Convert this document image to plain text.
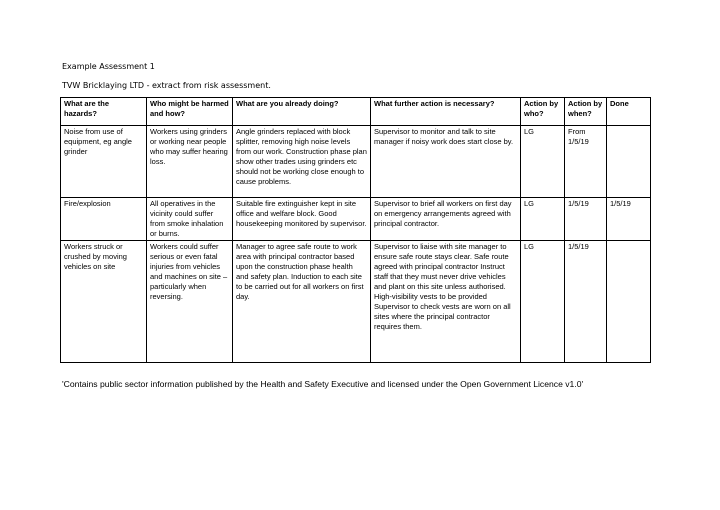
Example Assessment 1
TVW Bricklaying LTD - extract from risk assessment.
What are the hazards?	Who might be harmed and how?	What are you already doing?	What further action is necessary?	Action by who?	Action by when?	Done
Noise from use of equipment, eg angle grinder	Workers using grinders or working near people who may suffer hearing loss.	Angle grinders replaced with block splitter, removing high noise levels from our work. Construction phase plan show other trades using grinders etc should not be working close enough to cause problems.	Supervisor to monitor and talk to site manager if noisy work does start close by.	LG	From 1/5/19	
Fire/explosion	All operatives in the vicinity could suffer from smoke inhalation or burns.	Suitable fire extinguisher kept in site office and welfare block. Good housekeeping monitored by supervisor.	Supervisor to brief all workers on first day on emergency arrangements agreed with principal contractor.	LG	1/5/19	1/5/19
Workers struck or crushed by moving vehicles on site	Workers could suffer serious or even fatal injuries from vehicles and machines on site – particularly when reversing.	Manager to agree safe route to work area with principal contractor based upon the construction phase health and safety plan. Induction to each site to be carried out for all workers on first day.	Supervisor to liaise with site manager to ensure safe route stays clear. Safe route agreed with principal contractor Instruct staff that they must never drive vehicles and plant on this site unless authorised. High-visibility vests to be provided Supervisor to check vests are worn on all sites where the principal contractor requires them.	LG	1/5/19	
'Contains public sector information published by the Health and Safety Executive and licensed under the Open Government Licence v1.0'
